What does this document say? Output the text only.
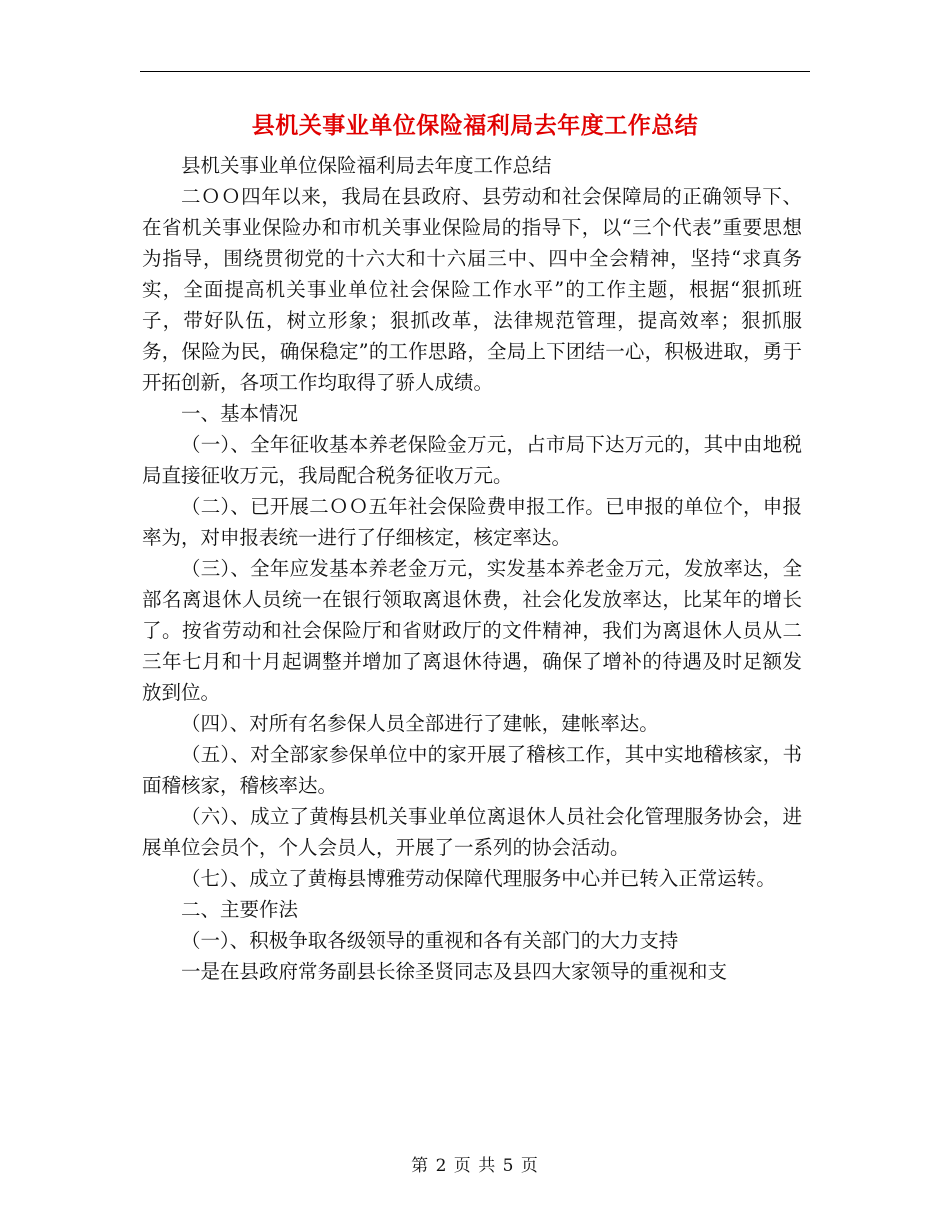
县机关事业单位保险福利局去年度工作总结

县机关事业单位保险福利局去年度工作总结

二ＯＯ四年以来，我局在县政府、县劳动和社会保障局的正确领导下、在省机关事业保险办和市机关事业保险局的指导下，以“三个代表”重要思想为指导，围绕贯彻党的十六大和十六届三中、四中全会精神，坚持“求真务实，全面提高机关事业单位社会保险工作水平”的工作主题，根据“狠抓班子，带好队伍，树立形象；狠抓改革，法律规范管理，提高效率；狠抓服务，保险为民，确保稳定”的工作思路，全局上下团结一心，积极进取，勇于开拓创新，各项工作均取得了骄人成绩。

一、基本情况

（一）、全年征收基本养老保险金万元，占市局下达万元的，其中由地税局直接征收万元，我局配合税务征收万元。

（二）、已开展二ＯＯ五年社会保险费申报工作。已申报的单位个，申报率为，对申报表统一进行了仔细核定，核定率达。

（三）、全年应发基本养老金万元，实发基本养老金万元，发放率达，全部名离退休人员统一在银行领取离退休费，社会化发放率达，比某年的增长了。按省劳动和社会保险厅和省财政厅的文件精神，我们为离退休人员从二三年七月和十月起调整并增加了离退休待遇，确保了增补的待遇及时足额发放到位。

（四）、对所有名参保人员全部进行了建帐，建帐率达。

（五）、对全部家参保单位中的家开展了稽核工作，其中实地稽核家，书面稽核家，稽核率达。

（六）、成立了黄梅县机关事业单位离退休人员社会化管理服务协会，进展单位会员个，个人会员人，开展了一系列的协会活动。

（七）、成立了黄梅县博雅劳动保障代理服务中心并已转入正常运转。

二、主要作法

（一）、积极争取各级领导的重视和各有关部门的大力支持

一是在县政府常务副县长徐圣贤同志及县四大家领导的重视和支

第 2 页 共 5 页
